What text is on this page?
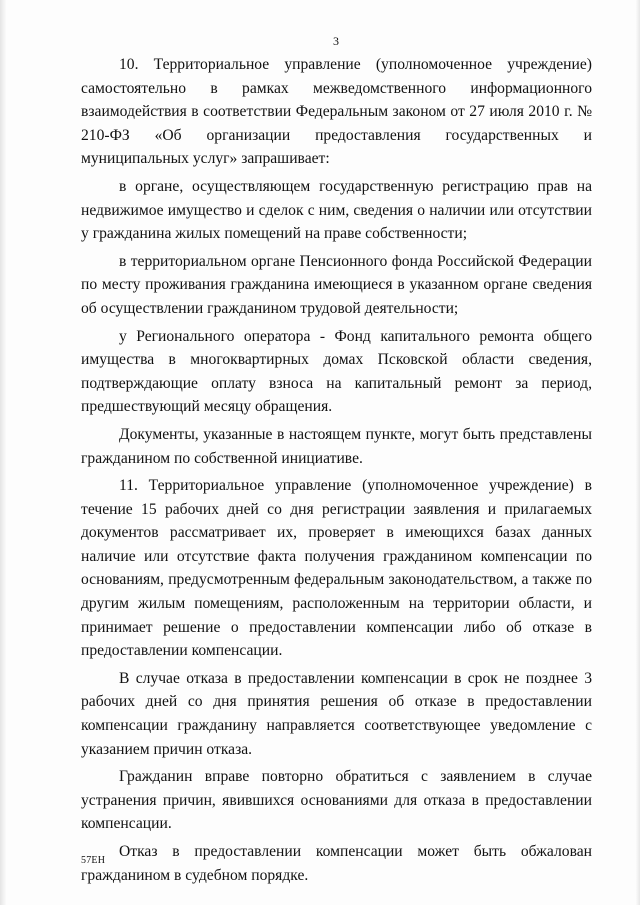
3

10. Территориальное управление (уполномоченное учреждение) самостоятельно в рамках межведомственного информационного взаимодействия в соответствии Федеральным законом от 27 июля 2010 г. № 210-ФЗ «Об организации предоставления государственных и муниципальных услуг» запрашивает:

в органе, осуществляющем государственную регистрацию прав на недвижимое имущество и сделок с ним, сведения о наличии или отсутствии у гражданина жилых помещений на праве собственности;

в территориальном органе Пенсионного фонда Российской Федерации по месту проживания гражданина имеющиеся в указанном органе сведения об осуществлении гражданином трудовой деятельности;

у Регионального оператора - Фонд капитального ремонта общего имущества в многоквартирных домах Псковской области сведения, подтверждающие оплату взноса на капитальный ремонт за период, предшествующий месяцу обращения.

Документы, указанные в настоящем пункте, могут быть представлены гражданином по собственной инициативе.

11. Территориальное управление (уполномоченное учреждение) в течение 15 рабочих дней со дня регистрации заявления и прилагаемых документов рассматривает их, проверяет в имеющихся базах данных наличие или отсутствие факта получения гражданином компенсации по основаниям, предусмотренным федеральным законодательством, а также по другим жилым помещениям, расположенным на территории области, и принимает решение о предоставлении компенсации либо об отказе в предоставлении компенсации.

В случае отказа в предоставлении компенсации в срок не позднее 3 рабочих дней со дня принятия решения об отказе в предоставлении компенсации гражданину направляется соответствующее уведомление с указанием причин отказа.

Гражданин вправе повторно обратиться с заявлением в случае устранения причин, явившихся основаниями для отказа в предоставлении компенсации.

Отказ в предоставлении компенсации может быть обжалован гражданином в судебном порядке.

57ЕН
